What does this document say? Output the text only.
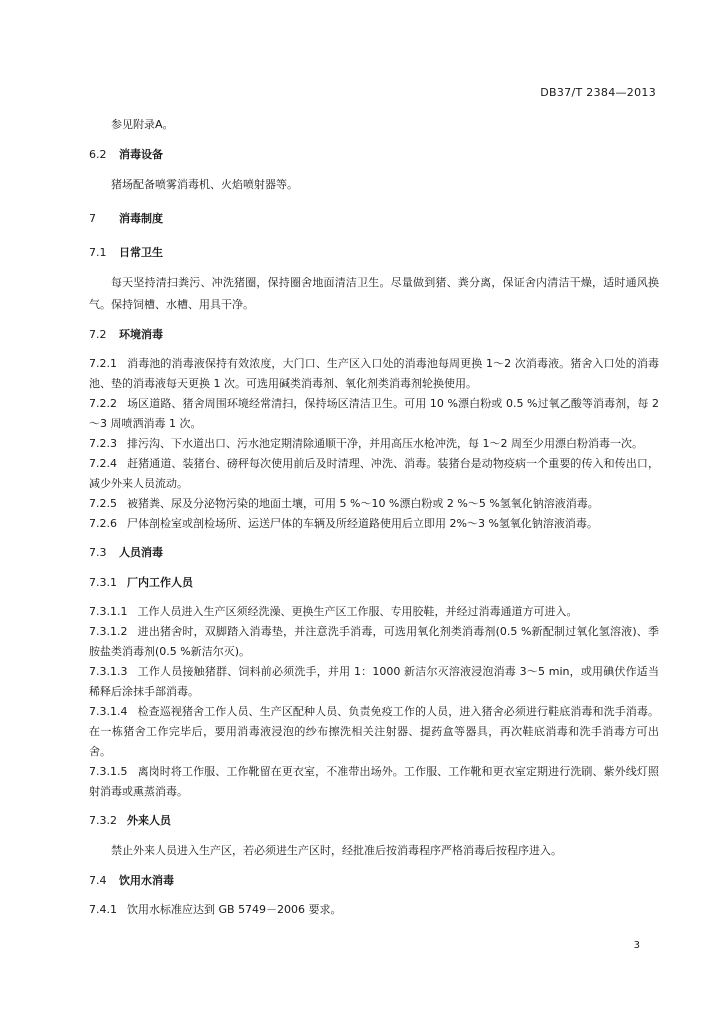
DB37/T 2384—2013

参见附录A。

6.2 消毒设备

猪场配备喷雾消毒机、火焰喷射器等。

7 消毒制度

7.1 日常卫生

每天坚持清扫粪污、冲洗猪圈，保持圈舍地面清洁卫生。尽量做到猪、粪分离，保证舍内清洁干燥，适时通风换气。保持饲槽、水槽、用具干净。

7.2 环境消毒

7.2.1 消毒池的消毒液保持有效浓度，大门口、生产区入口处的消毒池每周更换 1～2 次消毒液。猪舍入口处的消毒池、垫的消毒液每天更换 1 次。可选用碱类消毒剂、氧化剂类消毒剂轮换使用。

7.2.2 场区道路、猪舍周围环境经常清扫，保持场区清洁卫生。可用 10 %漂白粉或 0.5 %过氧乙酸等消毒剂，每 2～3 周喷洒消毒 1 次。

7.2.3 排污沟、下水道出口、污水池定期清除通顺干净，并用高压水枪冲洗，每 1～2 周至少用漂白粉消毒一次。

7.2.4 赶猪通道、装猪台、磅秤每次使用前后及时清理、冲洗、消毒。装猪台是动物疫病一个重要的传入和传出口，减少外来人员流动。

7.2.5 被猪粪、尿及分泌物污染的地面土壤，可用 5 %～10 %漂白粉或 2 %～5 %氢氧化钠溶液消毒。

7.2.6 尸体剖检室或剖检场所、运送尸体的车辆及所经道路使用后立即用 2%～3 %氢氧化钠溶液消毒。

7.3 人员消毒

7.3.1 厂内工作人员

7.3.1.1 工作人员进入生产区须经洗澡、更换生产区工作服、专用胶鞋，并经过消毒通道方可进入。

7.3.1.2 进出猪舍时，双脚踏入消毒垫，并注意洗手消毒，可选用氧化剂类消毒剂(0.5 %新配制过氧化氢溶液)、季胺盐类消毒剂(0.5 %新洁尔灭)。

7.3.1.3 工作人员接触猪群、饲料前必须洗手，并用 1：1000 新洁尔灭溶液浸泡消毒 3～5 min，或用碘伏作适当稀释后涂抹手部消毒。

7.3.1.4 检查巡视猪舍工作人员、生产区配种人员、负责免疫工作的人员，进入猪舍必须进行鞋底消毒和洗手消毒。在一栋猪舍工作完毕后，要用消毒液浸泡的纱布擦洗相关注射器、提药盒等器具，再次鞋底消毒和洗手消毒方可出舍。

7.3.1.5 离岗时将工作服、工作靴留在更衣室，不准带出场外。工作服、工作靴和更衣室定期进行洗刷、紫外线灯照射消毒或熏蒸消毒。

7.3.2 外来人员

禁止外来人员进入生产区，若必须进生产区时，经批准后按消毒程序严格消毒后按程序进入。

7.4 饮用水消毒

7.4.1 饮用水标准应达到 GB 5749－2006 要求。

3
